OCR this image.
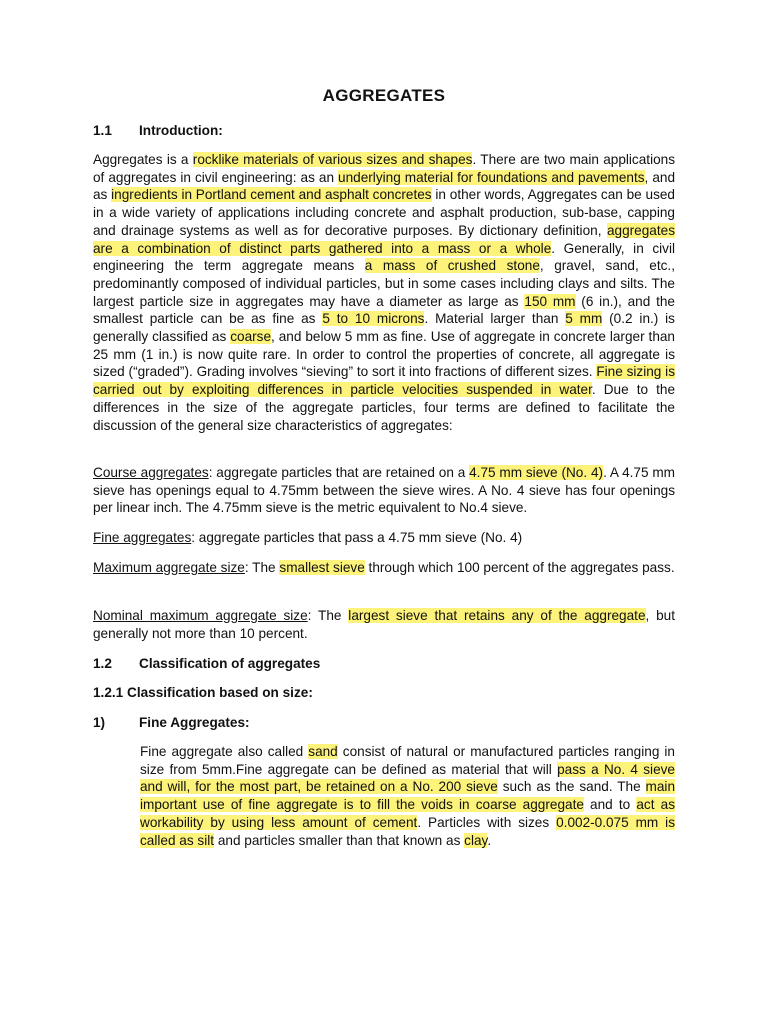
AGGREGATES
1.1 Introduction:
Aggregates is a rocklike materials of various sizes and shapes. There are two main applications of aggregates in civil engineering: as an underlying material for foundations and pavements, and as ingredients in Portland cement and asphalt concretes in other words, Aggregates can be used in a wide variety of applications including concrete and asphalt production, sub-base, capping and drainage systems as well as for decorative purposes. By dictionary definition, aggregates are a combination of distinct parts gathered into a mass or a whole. Generally, in civil engineering the term aggregate means a mass of crushed stone, gravel, sand, etc., predominantly composed of individual particles, but in some cases including clays and silts. The largest particle size in aggregates may have a diameter as large as 150 mm (6 in.), and the smallest particle can be as fine as 5 to 10 microns. Material larger than 5 mm (0.2 in.) is generally classified as coarse, and below 5 mm as fine. Use of aggregate in concrete larger than 25 mm (1 in.) is now quite rare. In order to control the properties of concrete, all aggregate is sized (“graded”). Grading involves “sieving” to sort it into fractions of different sizes. Fine sizing is carried out by exploiting differences in particle velocities suspended in water. Due to the differences in the size of the aggregate particles, four terms are defined to facilitate the discussion of the general size characteristics of aggregates:
Course aggregates: aggregate particles that are retained on a 4.75 mm sieve (No. 4). A 4.75 mm sieve has openings equal to 4.75mm between the sieve wires. A No. 4 sieve has four openings per linear inch. The 4.75mm sieve is the metric equivalent to No.4 sieve.
Fine aggregates: aggregate particles that pass a 4.75 mm sieve (No. 4)
Maximum aggregate size: The smallest sieve through which 100 percent of the aggregates pass.
Nominal maximum aggregate size: The largest sieve that retains any of the aggregate, but generally not more than 10 percent.
1.2 Classification of aggregates
1.2.1 Classification based on size:
1) Fine Aggregates:
Fine aggregate also called sand consist of natural or manufactured particles ranging in size from 5mm.Fine aggregate can be defined as material that will pass a No. 4 sieve and will, for the most part, be retained on a No. 200 sieve such as the sand. The main important use of fine aggregate is to fill the voids in coarse aggregate and to act as workability by using less amount of cement. Particles with sizes 0.002-0.075 mm is called as silt and particles smaller than that known as clay.
